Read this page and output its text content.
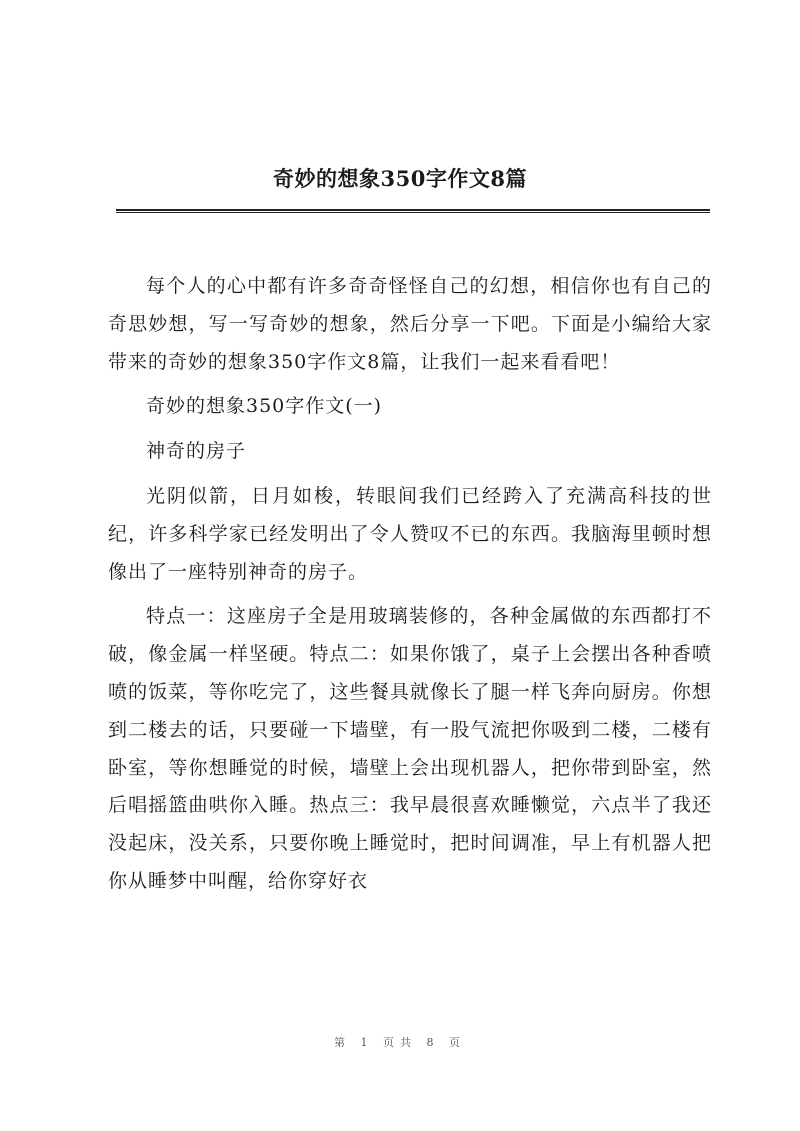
奇妙的想象350字作文8篇

每个人的心中都有许多奇奇怪怪自己的幻想，相信你也有自己的奇思妙想，写一写奇妙的想象，然后分享一下吧。下面是小编给大家带来的奇妙的想象350字作文8篇，让我们一起来看看吧！

奇妙的想象350字作文(一)

神奇的房子

光阴似箭，日月如梭，转眼间我们已经跨入了充满高科技的世纪，许多科学家已经发明出了令人赞叹不已的东西。我脑海里顿时想像出了一座特别神奇的房子。

特点一：这座房子全是用玻璃装修的，各种金属做的东西都打不破，像金属一样坚硬。特点二：如果你饿了，桌子上会摆出各种香喷喷的饭菜，等你吃完了，这些餐具就像长了腿一样飞奔向厨房。你想到二楼去的话，只要碰一下墙壁，有一股气流把你吸到二楼，二楼有卧室，等你想睡觉的时候，墙壁上会出现机器人，把你带到卧室，然后唱摇篮曲哄你入睡。热点三：我早晨很喜欢睡懒觉，六点半了我还没起床，没关系，只要你晚上睡觉时，把时间调准，早上有机器人把你从睡梦中叫醒，给你穿好衣

第 1 页共 8 页
